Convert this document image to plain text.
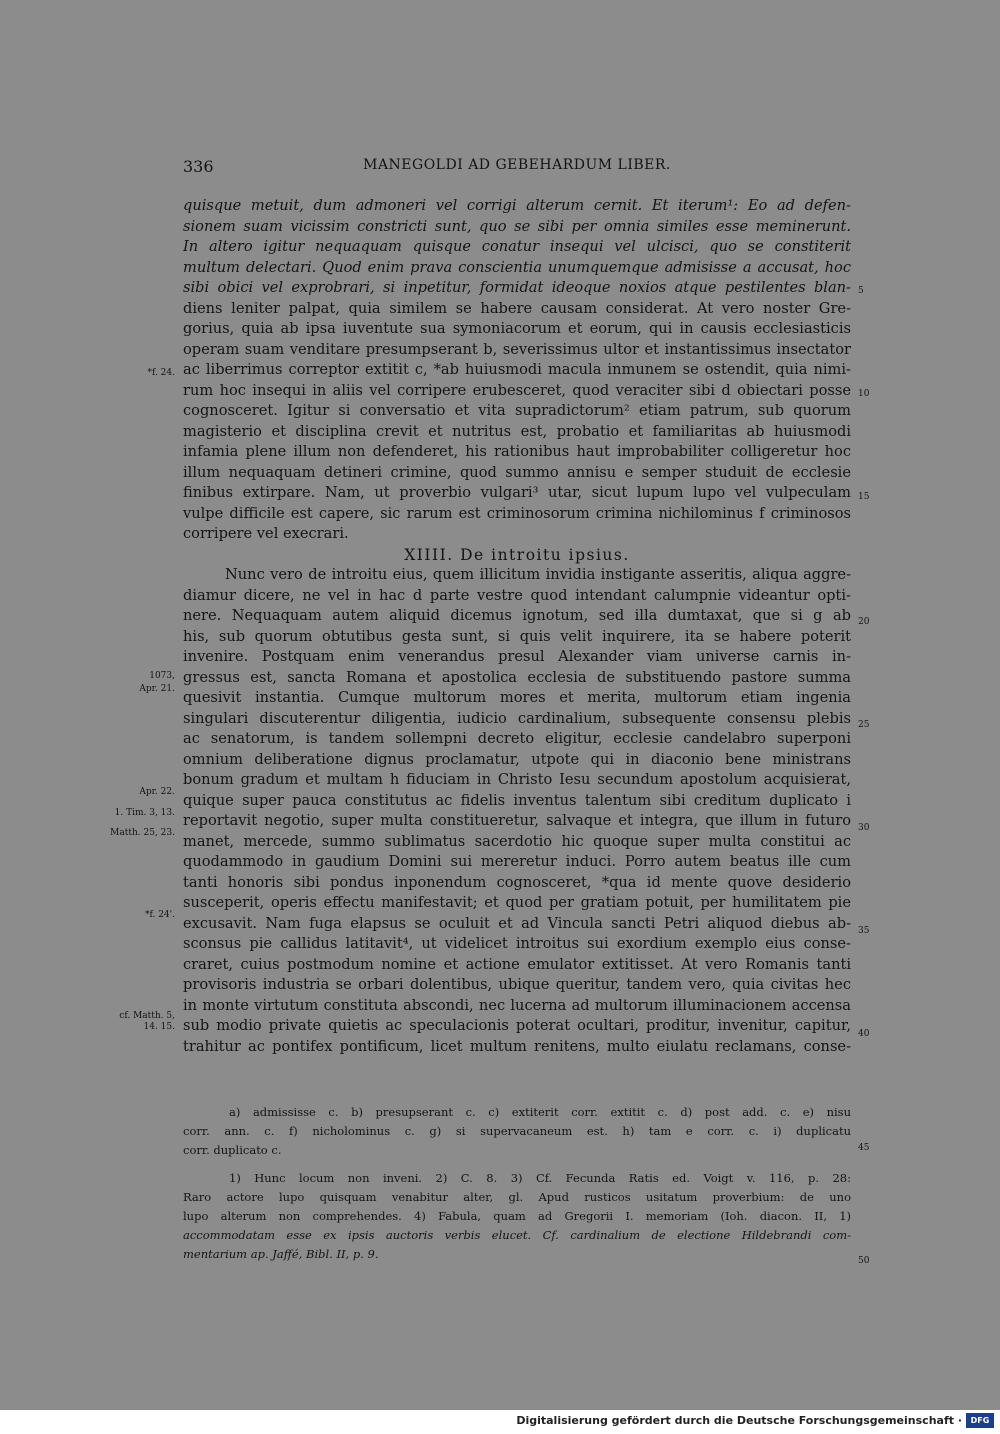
336	MANEGOLDI AD GEBEHARDUM LIBER.
quisque metuit, dum admoneri vel corrigi alterum cernit. Et iterum¹: Eo ad defen-
sionem suam vicissim constricti sunt, quo se sibi per omnia similes esse meminerunt.
In altero igitur nequaquam quisque conatur insequi vel ulcisci, quo se constiterit
multum delectari. Quod enim prava conscientia unumquemque admisisse a accusat, hoc
sibi obici vel exprobrari, si inpetitur, formidat ideoque noxios atque pestilentes blan-
diens leniter palpat, quia similem se habere causam considerat. At vero noster Gre-
gorius, quia ab ipsa iuventute sua symoniacorum et eorum, qui in causis ecclesiasticis
operam suam venditare presumpserant b, severissimus ultor et instantissimus insectator
ac liberrimus correptor extitit c, *ab huiusmodi macula inmunem se ostendit, quia nimi-
rum hoc insequi in aliis vel corripere erubesceret, quod veraciter sibi d obiectari posse
cognosceret. Igitur si conversatio et vita supradictorum² etiam patrum, sub quorum
magisterio et disciplina crevit et nutritus est, probatio et familiaritas ab huiusmodi
infamia plene illum non defenderet, his rationibus haut improbabiliter colligeretur hoc
illum nequaquam detineri crimine, quod summo annisu e semper studuit de ecclesie
finibus extirpare. Nam, ut proverbio vulgari³ utar, sicut lupum lupo vel vulpeculam
vulpe difficile est capere, sic rarum est criminosorum crimina nichilominus f criminosos
corripere vel execrari.
XIIII. De introitu ipsius.
Nunc vero de introitu eius, quem illicitum invidia instigante asseritis, aliqua aggre-
diamur dicere, ne vel in hac d parte vestre quod intendant calumpnie videantur opti-
nere. Nequaquam autem aliquid dicemus ignotum, sed illa dumtaxat, que si g ab
his, sub quorum obtutibus gesta sunt, si quis velit inquirere, ita se habere poterit
invenire. Postquam enim venerandus presul Alexander viam universe carnis in-
gressus est, sancta Romana et apostolica ecclesia de substituendo pastore summa
quesivit instantia. Cumque multorum mores et merita, multorum etiam ingenia
singulari discuterentur diligentia, iudicio cardinalium, subsequente consensu plebis
ac senatorum, is tandem sollempni decreto eligitur, ecclesie candelabro superponi
omnium deliberatione dignus proclamatur, utpote qui in diaconio bene ministrans
bonum gradum et multam h fiduciam in Christo Iesu secundum apostolum acquisierat,
quique super pauca constitutus ac fidelis inventus talentum sibi creditum duplicato i
reportavit negotio, super multa constitueretur, salvaque et integra, que illum in futuro
manet, mercede, summo sublimatus sacerdotio hic quoque super multa constitui ac
quodammodo in gaudium Domini sui mereretur induci. Porro autem beatus ille cum
tanti honoris sibi pondus inponendum cognosceret, *qua id mente quove desiderio
susceperit, operis effectu manifestavit; et quod per gratiam potuit, per humilitatem pie
excusavit. Nam fuga elapsus se oculuit et ad Vincula sancti Petri aliquod diebus ab-
sconsus pie callidus latitavit⁴, ut videlicet introitus sui exordium exemplo eius conse-
craret, cuius postmodum nomine et actione emulator extitisset. At vero Romanis tanti
provisoris industria se orbari dolentibus, ubique queritur, tandem vero, quia civitas hec
in monte virtutum constituta abscondi, nec lucerna ad multorum illuminacionem accensa
sub modio private quietis ac speculacionis poterat ocultari, proditur, invenitur, capitur,
trahitur ac pontifex pontificum, licet multum renitens, multo eiulatu reclamans, conse-
*f. 24.
1073,
Apr. 21.
Apr. 22.
1. Tim. 3, 13.
Matth. 25, 23.
*f. 24'.
cf. Matth. 5,
14. 15.
5
10
15
20
25
30
35
40
45
50
a) admississe c. b) presupserant c. c) extiterit corr. extitit c. d) post add. c. e) nisu
corr. ann. c. f) nicholominus c. g) si supervacaneum est. h) tam e corr. c. i) duplicatu
corr. duplicato c.
1) Hunc locum non inveni. 2) C. 8. 3) Cf. Fecunda Ratis ed. Voigt v. 116, p. 28:
Raro actore lupo quisquam venabitur alter, gl. Apud rusticos usitatum proverbium: de uno
lupo alterum non comprehendes. 4) Fabula, quam ad Gregorii I. memoriam (Ioh. diacon. II, 1)
accommodatam esse ex ipsis auctoris verbis elucet. Cf. cardinalium de electione Hildebrandi com-
mentarium ap. Jaffé, Bibl. II, p. 9.
Digitalisierung gefördert durch die Deutsche Forschungsgemeinschaft ·	DFG
